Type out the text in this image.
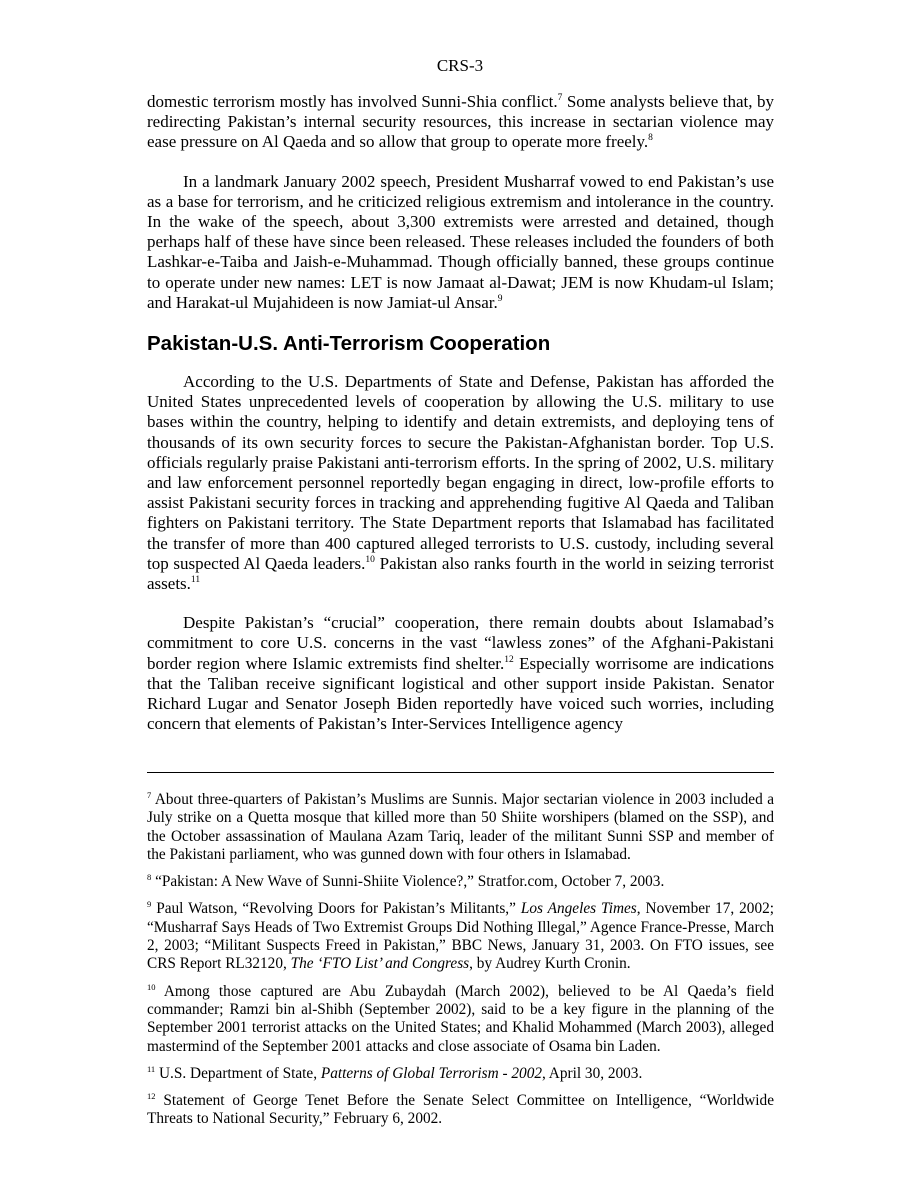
CRS-3

domestic terrorism mostly has involved Sunni-Shia conflict.$^7$ Some analysts believe that, by redirecting Pakistan’s internal security resources, this increase in sectarian violence may ease pressure on Al Qaeda and so allow that group to operate more freely.$^8$

In a landmark January 2002 speech, President Musharraf vowed to end Pakistan’s use as a base for terrorism, and he criticized religious extremism and intolerance in the country. In the wake of the speech, about 3,300 extremists were arrested and detained, though perhaps half of these have since been released. These releases included the founders of both Lashkar-e-Taiba and Jaish-e-Muhammad. Though officially banned, these groups continue to operate under new names: LET is now Jamaat al-Dawat; JEM is now Khudam-ul Islam; and Harakat-ul Mujahideen is now Jamiat-ul Ansar.$^9$

Pakistan-U.S. Anti-Terrorism Cooperation

According to the U.S. Departments of State and Defense, Pakistan has afforded the United States unprecedented levels of cooperation by allowing the U.S. military to use bases within the country, helping to identify and detain extremists, and deploying tens of thousands of its own security forces to secure the Pakistan-Afghanistan border. Top U.S. officials regularly praise Pakistani anti-terrorism efforts. In the spring of 2002, U.S. military and law enforcement personnel reportedly began engaging in direct, low-profile efforts to assist Pakistani security forces in tracking and apprehending fugitive Al Qaeda and Taliban fighters on Pakistani territory. The State Department reports that Islamabad has facilitated the transfer of more than 400 captured alleged terrorists to U.S. custody, including several top suspected Al Qaeda leaders.$^{10}$ Pakistan also ranks fourth in the world in seizing terrorist assets.$^{11}$

Despite Pakistan’s “crucial” cooperation, there remain doubts about Islamabad’s commitment to core U.S. concerns in the vast “lawless zones” of the Afghani-Pakistani border region where Islamic extremists find shelter.$^{12}$ Especially worrisome are indications that the Taliban receive significant logistical and other support inside Pakistan. Senator Richard Lugar and Senator Joseph Biden reportedly have voiced such worries, including concern that elements of Pakistan’s Inter-Services Intelligence agency

$^7$ About three-quarters of Pakistan’s Muslims are Sunnis. Major sectarian violence in 2003 included a July strike on a Quetta mosque that killed more than 50 Shiite worshipers (blamed on the SSP), and the October assassination of Maulana Azam Tariq, leader of the militant Sunni SSP and member of the Pakistani parliament, who was gunned down with four others in Islamabad.
$^8$ “Pakistan: A New Wave of Sunni-Shiite Violence?,” Stratfor.com, October 7, 2003.
$^9$ Paul Watson, “Revolving Doors for Pakistan’s Militants,” Los Angeles Times, November 17, 2002; “Musharraf Says Heads of Two Extremist Groups Did Nothing Illegal,” Agence France-Presse, March 2, 2003; “Militant Suspects Freed in Pakistan,” BBC News, January 31, 2003. On FTO issues, see CRS Report RL32120, The ‘FTO List’ and Congress, by Audrey Kurth Cronin.
$^{10}$ Among those captured are Abu Zubaydah (March 2002), believed to be Al Qaeda’s field commander; Ramzi bin al-Shibh (September 2002), said to be a key figure in the planning of the September 2001 terrorist attacks on the United States; and Khalid Mohammed (March 2003), alleged mastermind of the September 2001 attacks and close associate of Osama bin Laden.
$^{11}$ U.S. Department of State, Patterns of Global Terrorism - 2002, April 30, 2003.
$^{12}$ Statement of George Tenet Before the Senate Select Committee on Intelligence, “Worldwide Threats to National Security,” February 6, 2002.
